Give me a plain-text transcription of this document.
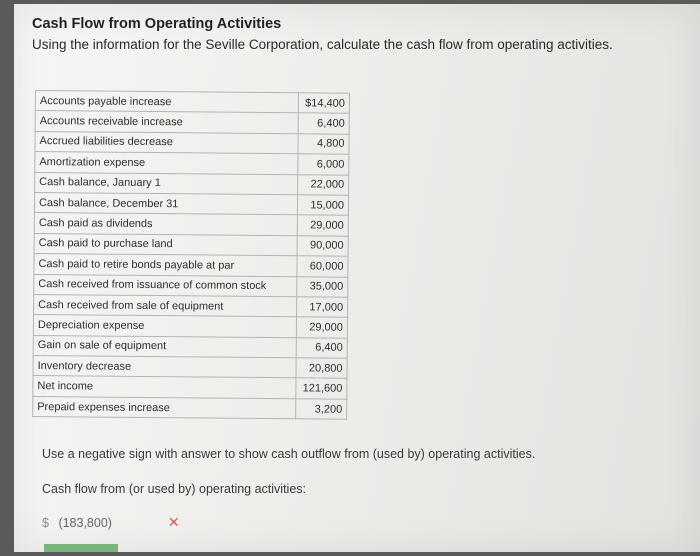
Cash Flow from Operating Activities
Using the information for the Seville Corporation, calculate the cash flow from operating activities.
Accounts payable increase	$14,400
Accounts receivable increase	6,400
Accrued liabilities decrease	4,800
Amortization expense	6,000
Cash balance, January 1	22,000
Cash balance, December 31	15,000
Cash paid as dividends	29,000
Cash paid to purchase land	90,000
Cash paid to retire bonds payable at par	60,000
Cash received from issuance of common stock	35,000
Cash received from sale of equipment	17,000
Depreciation expense	29,000
Gain on sale of equipment	6,400
Inventory decrease	20,800
Net income	121,600
Prepaid expenses increase	3,200
Use a negative sign with answer to show cash outflow from (used by) operating activities.
Cash flow from (or used by) operating activities:
$ (183,800)	✕
